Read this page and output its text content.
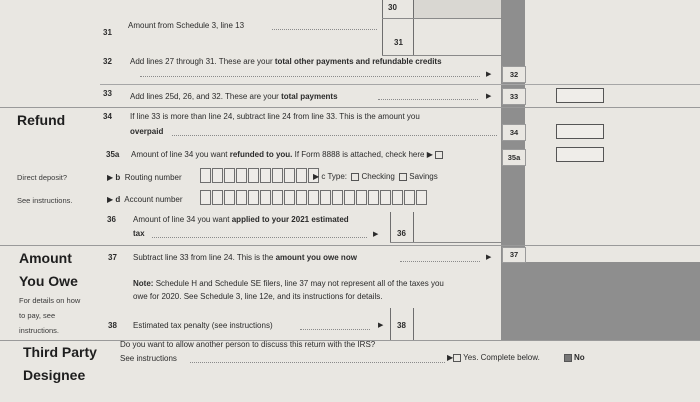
30
31
Amount from Schedule 3, line 13
31
32 Add lines 27 through 31. These are your total other payments and refundable credits
▶	32
33 Add lines 25d, 26, and 32. These are your total payments	▶	33
Refund	34 If line 33 is more than line 24, subtract line 24 from line 33. This is the amount you
overpaid	34
35a Amount of line 34 you want refunded to you. If Form 8888 is attached, check here ▶	35a
Direct deposit?	▶ b Routing number	▶ c Type: Checking Savings
See instructions.	▶ d Account number
36 Amount of line 34 you want applied to your 2021 estimated
tax	▶ 36
Amount
You Owe
For details on how
to pay, see
instructions.
37 Subtract line 33 from line 24. This is the amount you owe now	▶	37
Note: Schedule H and Schedule SE filers, line 37 may not represent all of the taxes you
owe for 2020. See Schedule 3, line 12e, and its instructions for details.
38 Estimated tax penalty (see instructions)	▶ 38
Third Party
Designee
Do you want to allow another person to discuss this return with the IRS?
See instructions	▶ Yes. Complete below.	No
